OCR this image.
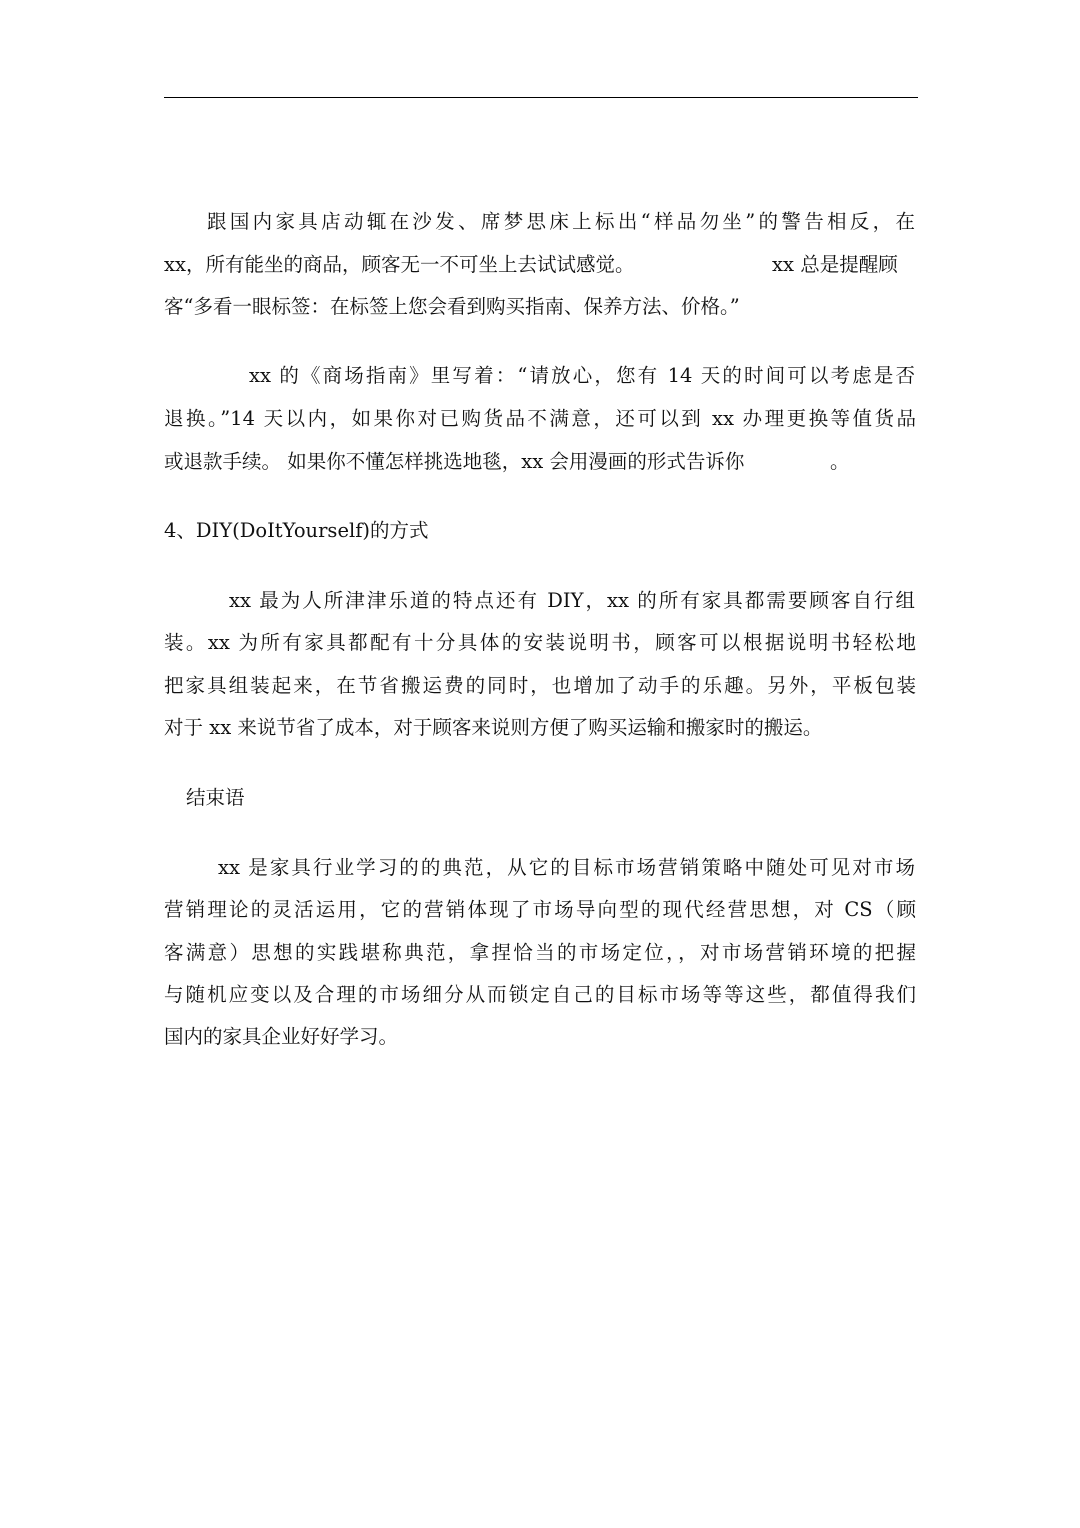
跟国内家具店动辄在沙发、席梦思床上标出“样品勿坐”的警告相反，在
xx，所有能坐的商品，顾客无一不可坐上去试试感觉。	xx 总是提醒顾
客“多看一眼标签：在标签上您会看到购买指南、保养方法、价格。”
xx 的《商场指南》里写着：“请放心，您有 14 天的时间可以考虑是否
退换。”14 天以内，如果你对已购货品不满意，还可以到 xx 办理更换等值货品
或退款手续。 如果你不懂怎样挑选地毯，xx 会用漫画的形式告诉你	。
4、DIY(DoItYourself)的方式
xx 最为人所津津乐道的特点还有 DIY，xx 的所有家具都需要顾客自行组
装。xx 为所有家具都配有十分具体的安装说明书，顾客可以根据说明书轻松地
把家具组装起来，在节省搬运费的同时，也增加了动手的乐趣。另外，平板包装
对于 xx 来说节省了成本，对于顾客来说则方便了购买运输和搬家时的搬运。
结束语
xx 是家具行业学习的的典范，从它的目标市场营销策略中随处可见对市场
营销理论的灵活运用，它的营销体现了市场导向型的现代经营思想，对 CS（顾
客满意）思想的实践堪称典范，拿捏恰当的市场定位，，对市场营销环境的把握
与随机应变以及合理的市场细分从而锁定自己的目标市场等等这些，都值得我们
国内的家具企业好好学习。
